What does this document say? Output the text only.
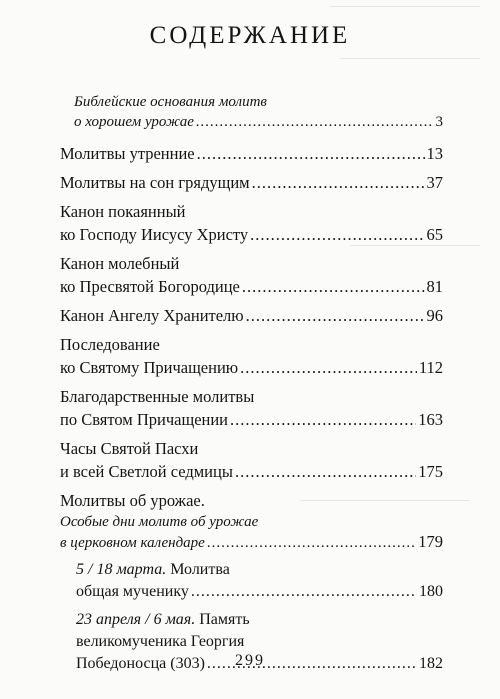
СОДЕРЖАНИЕ
Библейские основания молитв
о хорошем урожае .....	3
Молитвы утренние .....	13
Молитвы на сон грядущим .....	37
Канон покаянный
ко Господу Иисусу Христу .....	65
Канон молебный
ко Пресвятой Богородице .....	81
Канон Ангелу Хранителю .....	96
Последование
ко Святому Причащению .....	112
Благодарственные молитвы
по Святом Причащении .....	163
Часы Святой Пасхи
и всей Светлой седмицы .....	175
Молитвы об урожае.
Особые дни молитв об урожае
в церковном календаре .....	179
5 / 18 марта. Молитва
общая мученику .....	180
23 апреля / 6 мая. Память
великомученика Георгия
Победоносца (303) .....	182
299
